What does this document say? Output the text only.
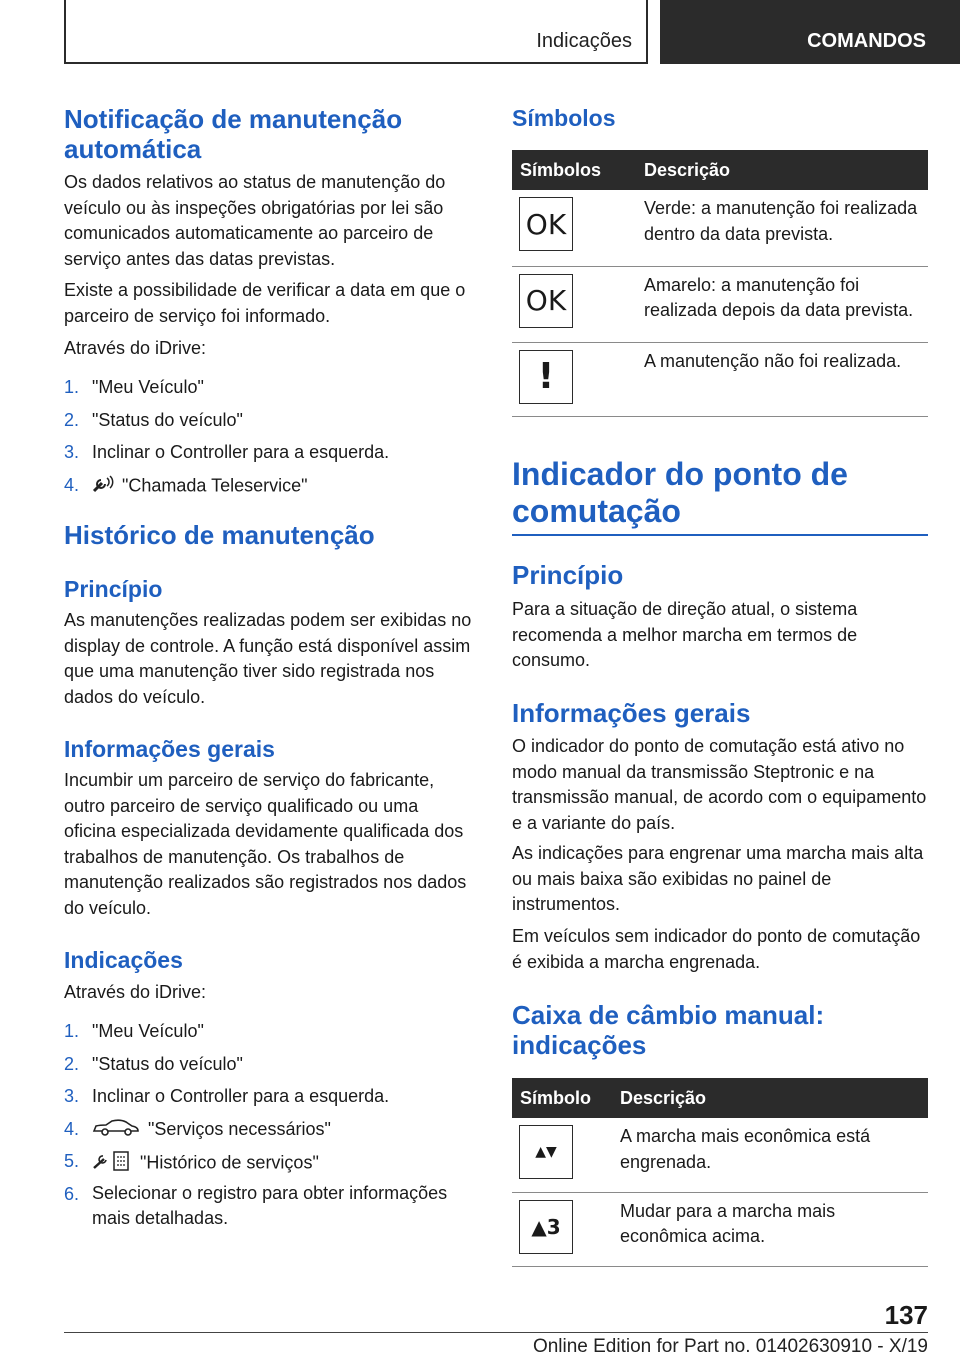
Indicações	COMANDOS
Notificação de manutenção automática

Os dados relativos ao status de manutenção do veículo ou às inspeções obrigatórias por lei são comunicados automaticamente ao parceiro de serviço antes das datas previstas.

Existe a possibilidade de verificar a data em que o parceiro de serviço foi informado.

Através do iDrive:

1. "Meu Veículo"
2. "Status do veículo"
3. Inclinar o Controller para a esquerda.
4.	"Chamada Teleservice"
Histórico de manutenção
Princípio

As manutenções realizadas podem ser exibidas no display de controle. A função está disponível assim que uma manutenção tiver sido registrada nos dados do veículo.

Informações gerais

Incumbir um parceiro de serviço do fabricante, outro parceiro de serviço qualificado ou uma oficina especializada devidamente qualificada dos trabalhos de manutenção. Os trabalhos de manutenção realizados são registrados nos dados do veículo.

Indicações

Através do iDrive:

1. "Meu Veículo"
2. "Status do veículo"
3. Inclinar o Controller para a esquerda.
4.	"Serviços necessários"
5.	"Histórico de serviços"
6. Selecionar o registro para obter informações mais detalhadas.
Símbolos
Símbolos	Descrição

OK	Verde: a manutenção foi realizada dentro da data prevista.

OK	Amarelo: a manutenção foi realizada depois da data prevista.

!	A manutenção não foi realizada.
Indicador do ponto de comutação
Princípio

Para a situação de direção atual, o sistema recomenda a melhor marcha em termos de consumo.

Informações gerais

O indicador do ponto de comutação está ativo no modo manual da transmissão Steptronic e na transmissão manual, de acordo com o equipamento e a variante do país.

As indicações para engrenar uma marcha mais alta ou mais baixa são exibidas no painel de instrumentos.

Em veículos sem indicador do ponto de comutação é exibida a marcha engrenada.

Caixa de câmbio manual: indicações
Símbolo	Descrição

▲▼	A marcha mais econômica está engrenada.

▲3	Mudar para a marcha mais econômica acima.
137
Online Edition for Part no. 01402630910 - X/19
